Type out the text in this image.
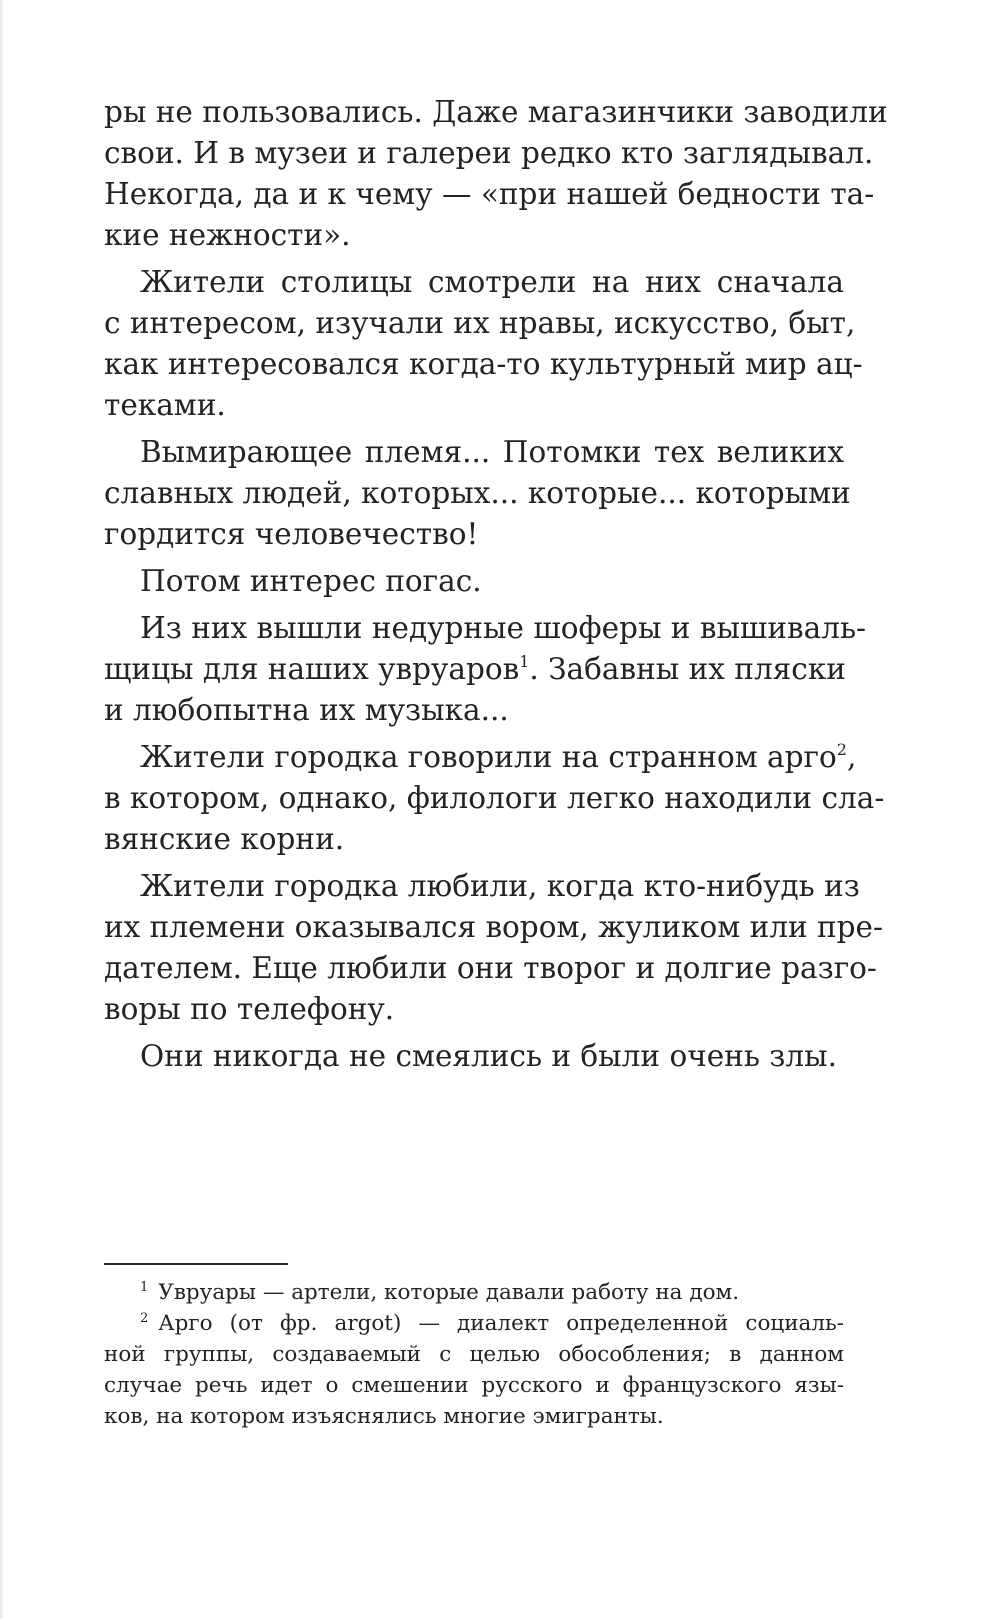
ры не пользовались. Даже магазинчики заводили
свои. И в музеи и галереи редко кто заглядывал.
Некогда, да и к чему — «при нашей бедности та-
кие нежности».
Жители столицы смотрели на них сначала
с интересом, изучали их нравы, искусство, быт,
как интересовался когда-то культурный мир ац-
теками.
Вымирающее племя... Потомки тех великих
славных людей, которых... которые... которыми
гордится человечество!
Потом интерес погас.
Из них вышли недурные шоферы и вышиваль-
щицы для наших увруаров$^1$. Забавны их пляски
и любопытна их музыка...
Жители городка говорили на странном арго$^2$,
в котором, однако, филологи легко находили сла-
вянские корни.
Жители городка любили, когда кто-нибудь из
их племени оказывался вором, жуликом или пре-
дателем. Еще любили они творог и долгие разго-
воры по телефону.
Они никогда не смеялись и были очень злы.
$^1$ Увруары — артели, которые давали работу на дом.
$^2$ Арго (от фр. argot) — диалект определенной социаль-
ной группы, создаваемый с целью обособления; в данном
случае речь идет о смешении русского и французского язы-
ков, на котором изъяснялись многие эмигранты.
